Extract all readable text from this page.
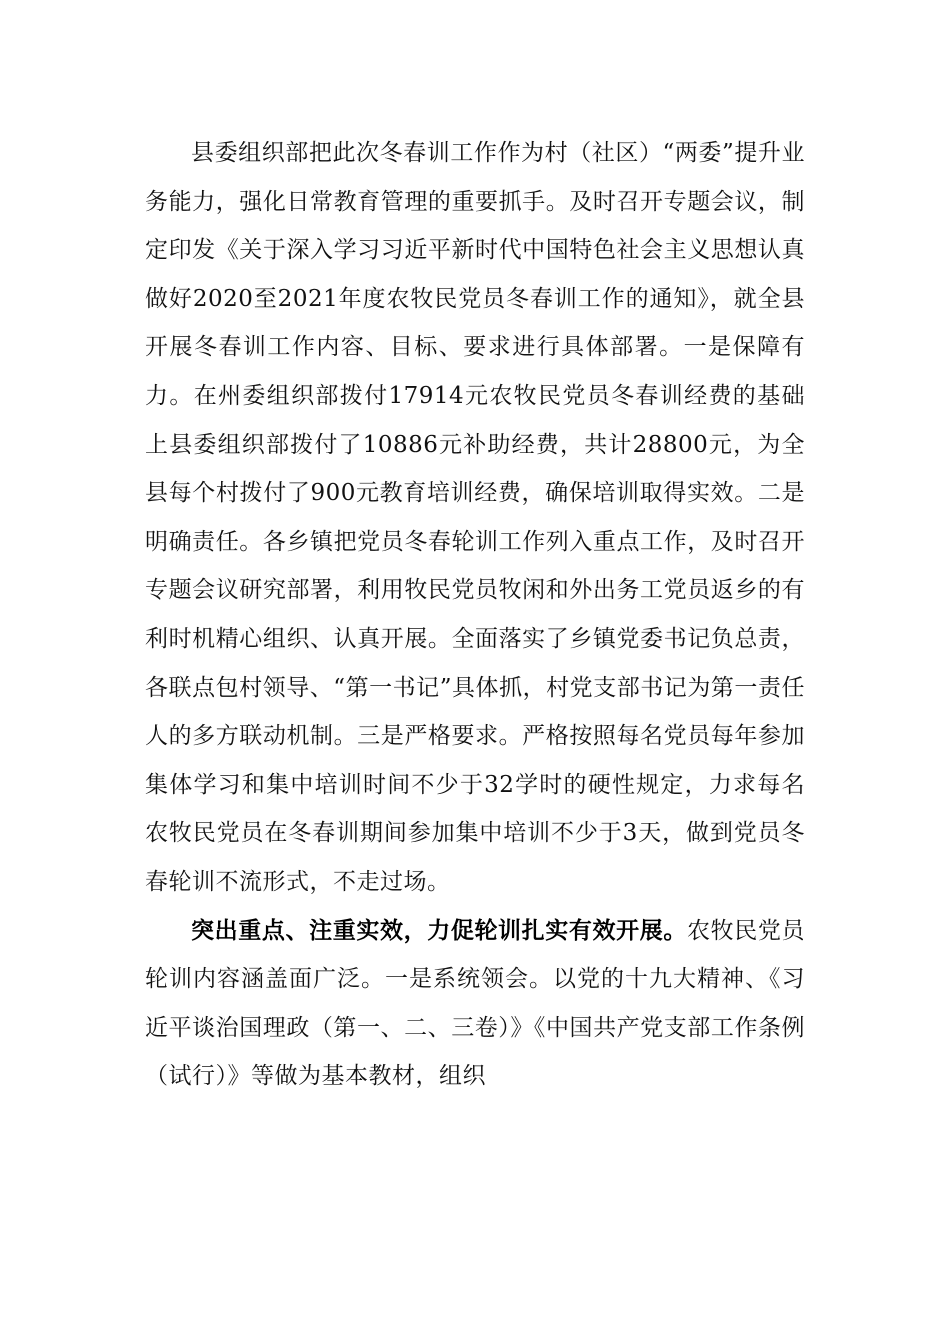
县委组织部把此次冬春训工作作为村（社区）“两委”提升业务能力，强化日常教育管理的重要抓手。及时召开专题会议，制定印发《关于深入学习习近平新时代中国特色社会主义思想认真做好2020至2021年度农牧民党员冬春训工作的通知》，就全县开展冬春训工作内容、目标、要求进行具体部署。一是保障有力。在州委组织部拨付17914元农牧民党员冬春训经费的基础上县委组织部拨付了10886元补助经费，共计28800元，为全县每个村拨付了900元教育培训经费，确保培训取得实效。二是明确责任。各乡镇把党员冬春轮训工作列入重点工作，及时召开专题会议研究部署，利用牧民党员牧闲和外出务工党员返乡的有利时机精心组织、认真开展。全面落实了乡镇党委书记负总责，各联点包村领导、“第一书记”具体抓，村党支部书记为第一责任人的多方联动机制。三是严格要求。严格按照每名党员每年参加集体学习和集中培训时间不少于32学时的硬性规定，力求每名农牧民党员在冬春训期间参加集中培训不少于3天，做到党员冬春轮训不流形式，不走过场。

突出重点、注重实效，力促轮训扎实有效开展。农牧民党员轮训内容涵盖面广泛。一是系统领会。以党的十九大精神、《习近平谈治国理政（第一、二、三卷）》《中国共产党支部工作条例（试行）》等做为基本教材，组织
